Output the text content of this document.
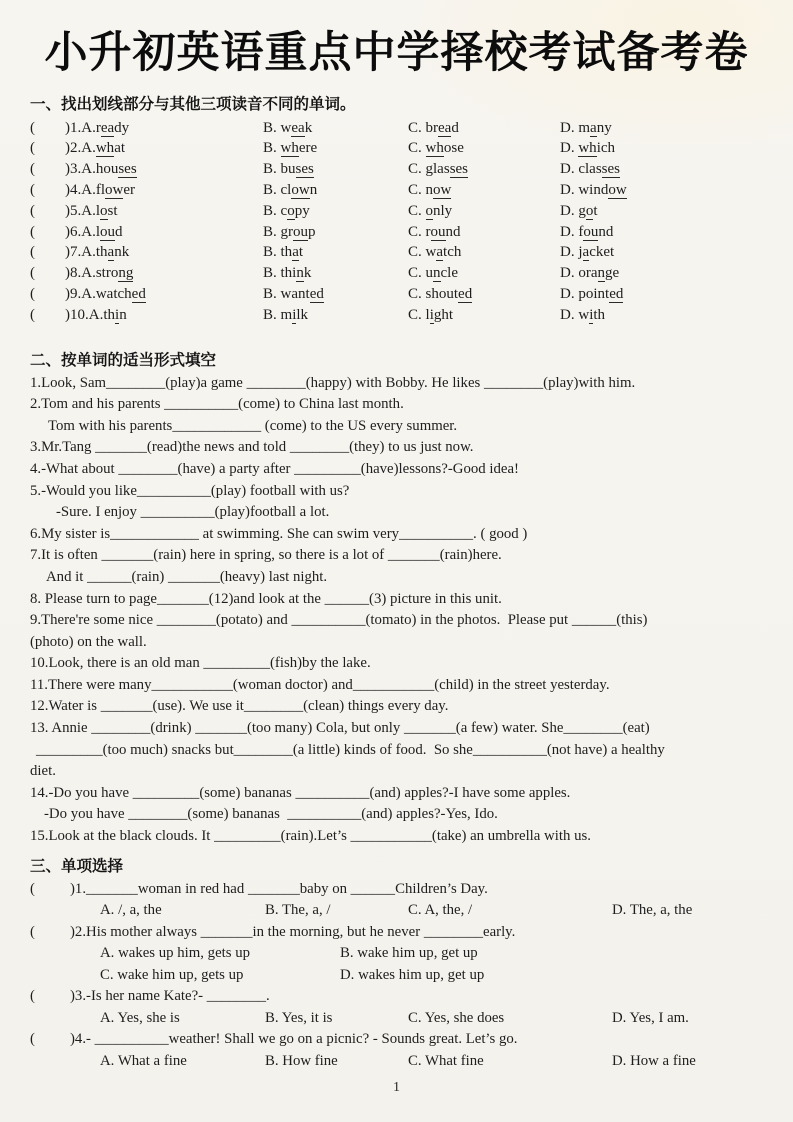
小升初英语重点中学择校考试备考卷
一、找出划线部分与其他三项读音不同的单词。
(	)1.A.ready	B. weak	C. bread	D. many
(	)2.A.what	B. where	C. whose	D. which
(	)3.A.houses	B. buses	C. glasses	D. classes
(	)4.A.flower	B. clown	C. now	D. window
(	)5.A.lost	B. copy	C. only	D. got
(	)6.A.loud	B. group	C. round	D. found
(	)7.A.thank	B. that	C. watch	D. jacket
(	)8.A.strong	B. think	C. uncle	D. orange
(	)9.A.watched	B. wanted	C. shouted	D. pointed
(	)10.A.thin	B. milk	C. light	D. with
二、按单词的适当形式填空
1.Look, Sam________(play)a game ________(happy) with Bobby. He likes ________(play)with him.
2.Tom and his parents __________(come) to China last month.
Tom with his parents____________ (come) to the US every summer.
3.Mr.Tang _______(read)the news and told ________(they) to us just now.
4.-What about ________(have) a party after _________(have)lessons?-Good idea!
5.-Would you like__________(play) football with us?
-Sure. I enjoy __________(play)football a lot.
6.My sister is____________ at swimming. She can swim very__________. ( good )
7.It is often _______(rain) here in spring, so there is a lot of _______(rain)here.
And it ______(rain) _______(heavy) last night.
8. Please turn to page_______(12)and look at the ______(3) picture in this unit.
9.There're some nice ________(potato) and __________(tomato) in the photos.  Please put ______(this)
(photo) on the wall.
10.Look, there is an old man _________(fish)by the lake.
11.There were many___________(woman doctor) and___________(child) in the street yesterday.
12.Water is _______(use). We use it________(clean) things every day.
13. Annie ________(drink) _______(too many) Cola, but only _______(a few) water. She________(eat)
_________(too much) snacks but________(a little) kinds of food.  So she__________(not have) a healthy
diet.
14.-Do you have _________(some) bananas __________(and) apples?-I have some apples.
-Do you have ________(some) bananas  __________(and) apples?-Yes, Ido.
15.Look at the black clouds. It _________(rain).Let’s ___________(take) an umbrella with us.
三、单项选择
(	)1._______woman in red had _______baby on ______Children’s Day.
A. /, a, the	B. The, a, /	C. A, the, /	D. The, a, the
(	)2.His mother always _______in the morning, but he never ________early.
A. wakes up him, gets up	B. wake him up, get up
C. wake him up, gets up	D. wakes him up, get up
(	)3.-Is her name Kate?- ________.
A. Yes, she is	B. Yes, it is	C. Yes, she does	D. Yes, I am.
(	)4.- __________weather! Shall we go on a picnic? - Sounds great. Let’s go.
A. What a fine	B. How fine	C. What fine	D. How a fine
1
